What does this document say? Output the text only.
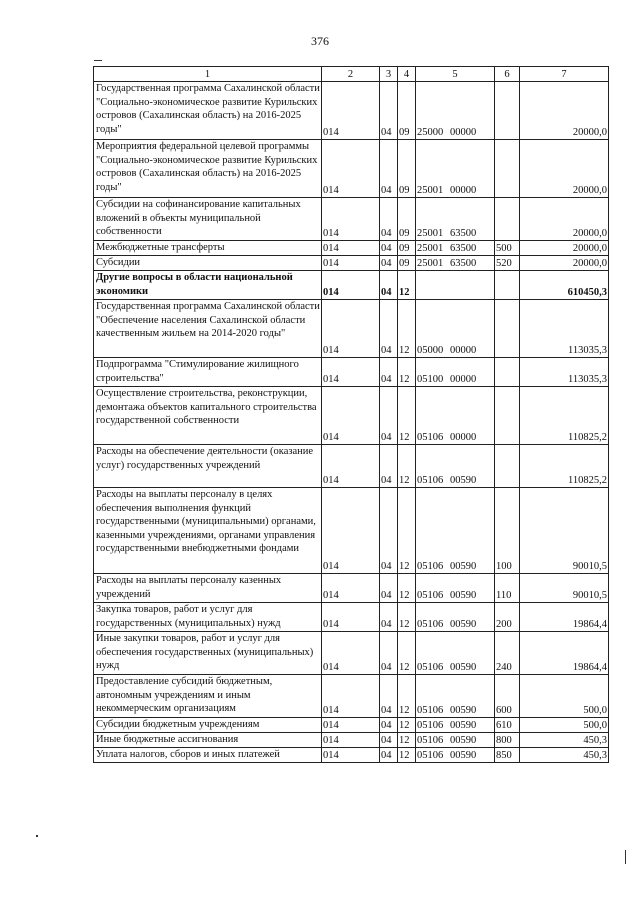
376
1	2	3	4	5	6	7
Государственная программа Сахалинской области "Социально-экономическое развитие Курильских островов (Сахалинская область) на 2016-2025 годы"	014	04	09	25000 00000		20000,0
Мероприятия федеральной целевой программы "Социально-экономическое развитие Курильских островов (Сахалинская область) на 2016-2025 годы"	014	04	09	25001 00000		20000,0
Субсидии на софинансирование капитальных вложений в объекты муниципальной собственности	014	04	09	25001 63500		20000,0
Межбюджетные трансферты	014	04	09	25001 63500	500	20000,0
Субсидии	014	04	09	25001 63500	520	20000,0
Другие вопросы в области национальной экономики	014	04	12			610450,3
Государственная программа Сахалинской области "Обеспечение населения Сахалинской области качественным жильем на 2014-2020 годы"	014	04	12	05000 00000		113035,3
Подпрограмма "Стимулирование жилищного строительства"	014	04	12	05100 00000		113035,3
Осуществление строительства, реконструкции, демонтажа объектов капитального строительства государственной собственности	014	04	12	05106 00000		110825,2
Расходы на обеспечение деятельности (оказание услуг) государственных учреждений	014	04	12	05106 00590		110825,2
Расходы на выплаты персоналу в целях обеспечения выполнения функций государственными (муниципальными) органами, казенными учреждениями, органами управления государственными внебюджетными фондами	014	04	12	05106 00590	100	90010,5
Расходы на выплаты персоналу казенных учреждений	014	04	12	05106 00590	110	90010,5
Закупка товаров, работ и услуг для государственных (муниципальных) нужд	014	04	12	05106 00590	200	19864,4
Иные закупки товаров, работ и услуг для обеспечения государственных (муниципальных) нужд	014	04	12	05106 00590	240	19864,4
Предоставление субсидий бюджетным, автономным учреждениям и иным некоммерческим организациям	014	04	12	05106 00590	600	500,0
Субсидии бюджетным учреждениям	014	04	12	05106 00590	610	500,0
Иные бюджетные ассигнования	014	04	12	05106 00590	800	450,3
Уплата налогов, сборов и иных платежей	014	04	12	05106 00590	850	450,3
